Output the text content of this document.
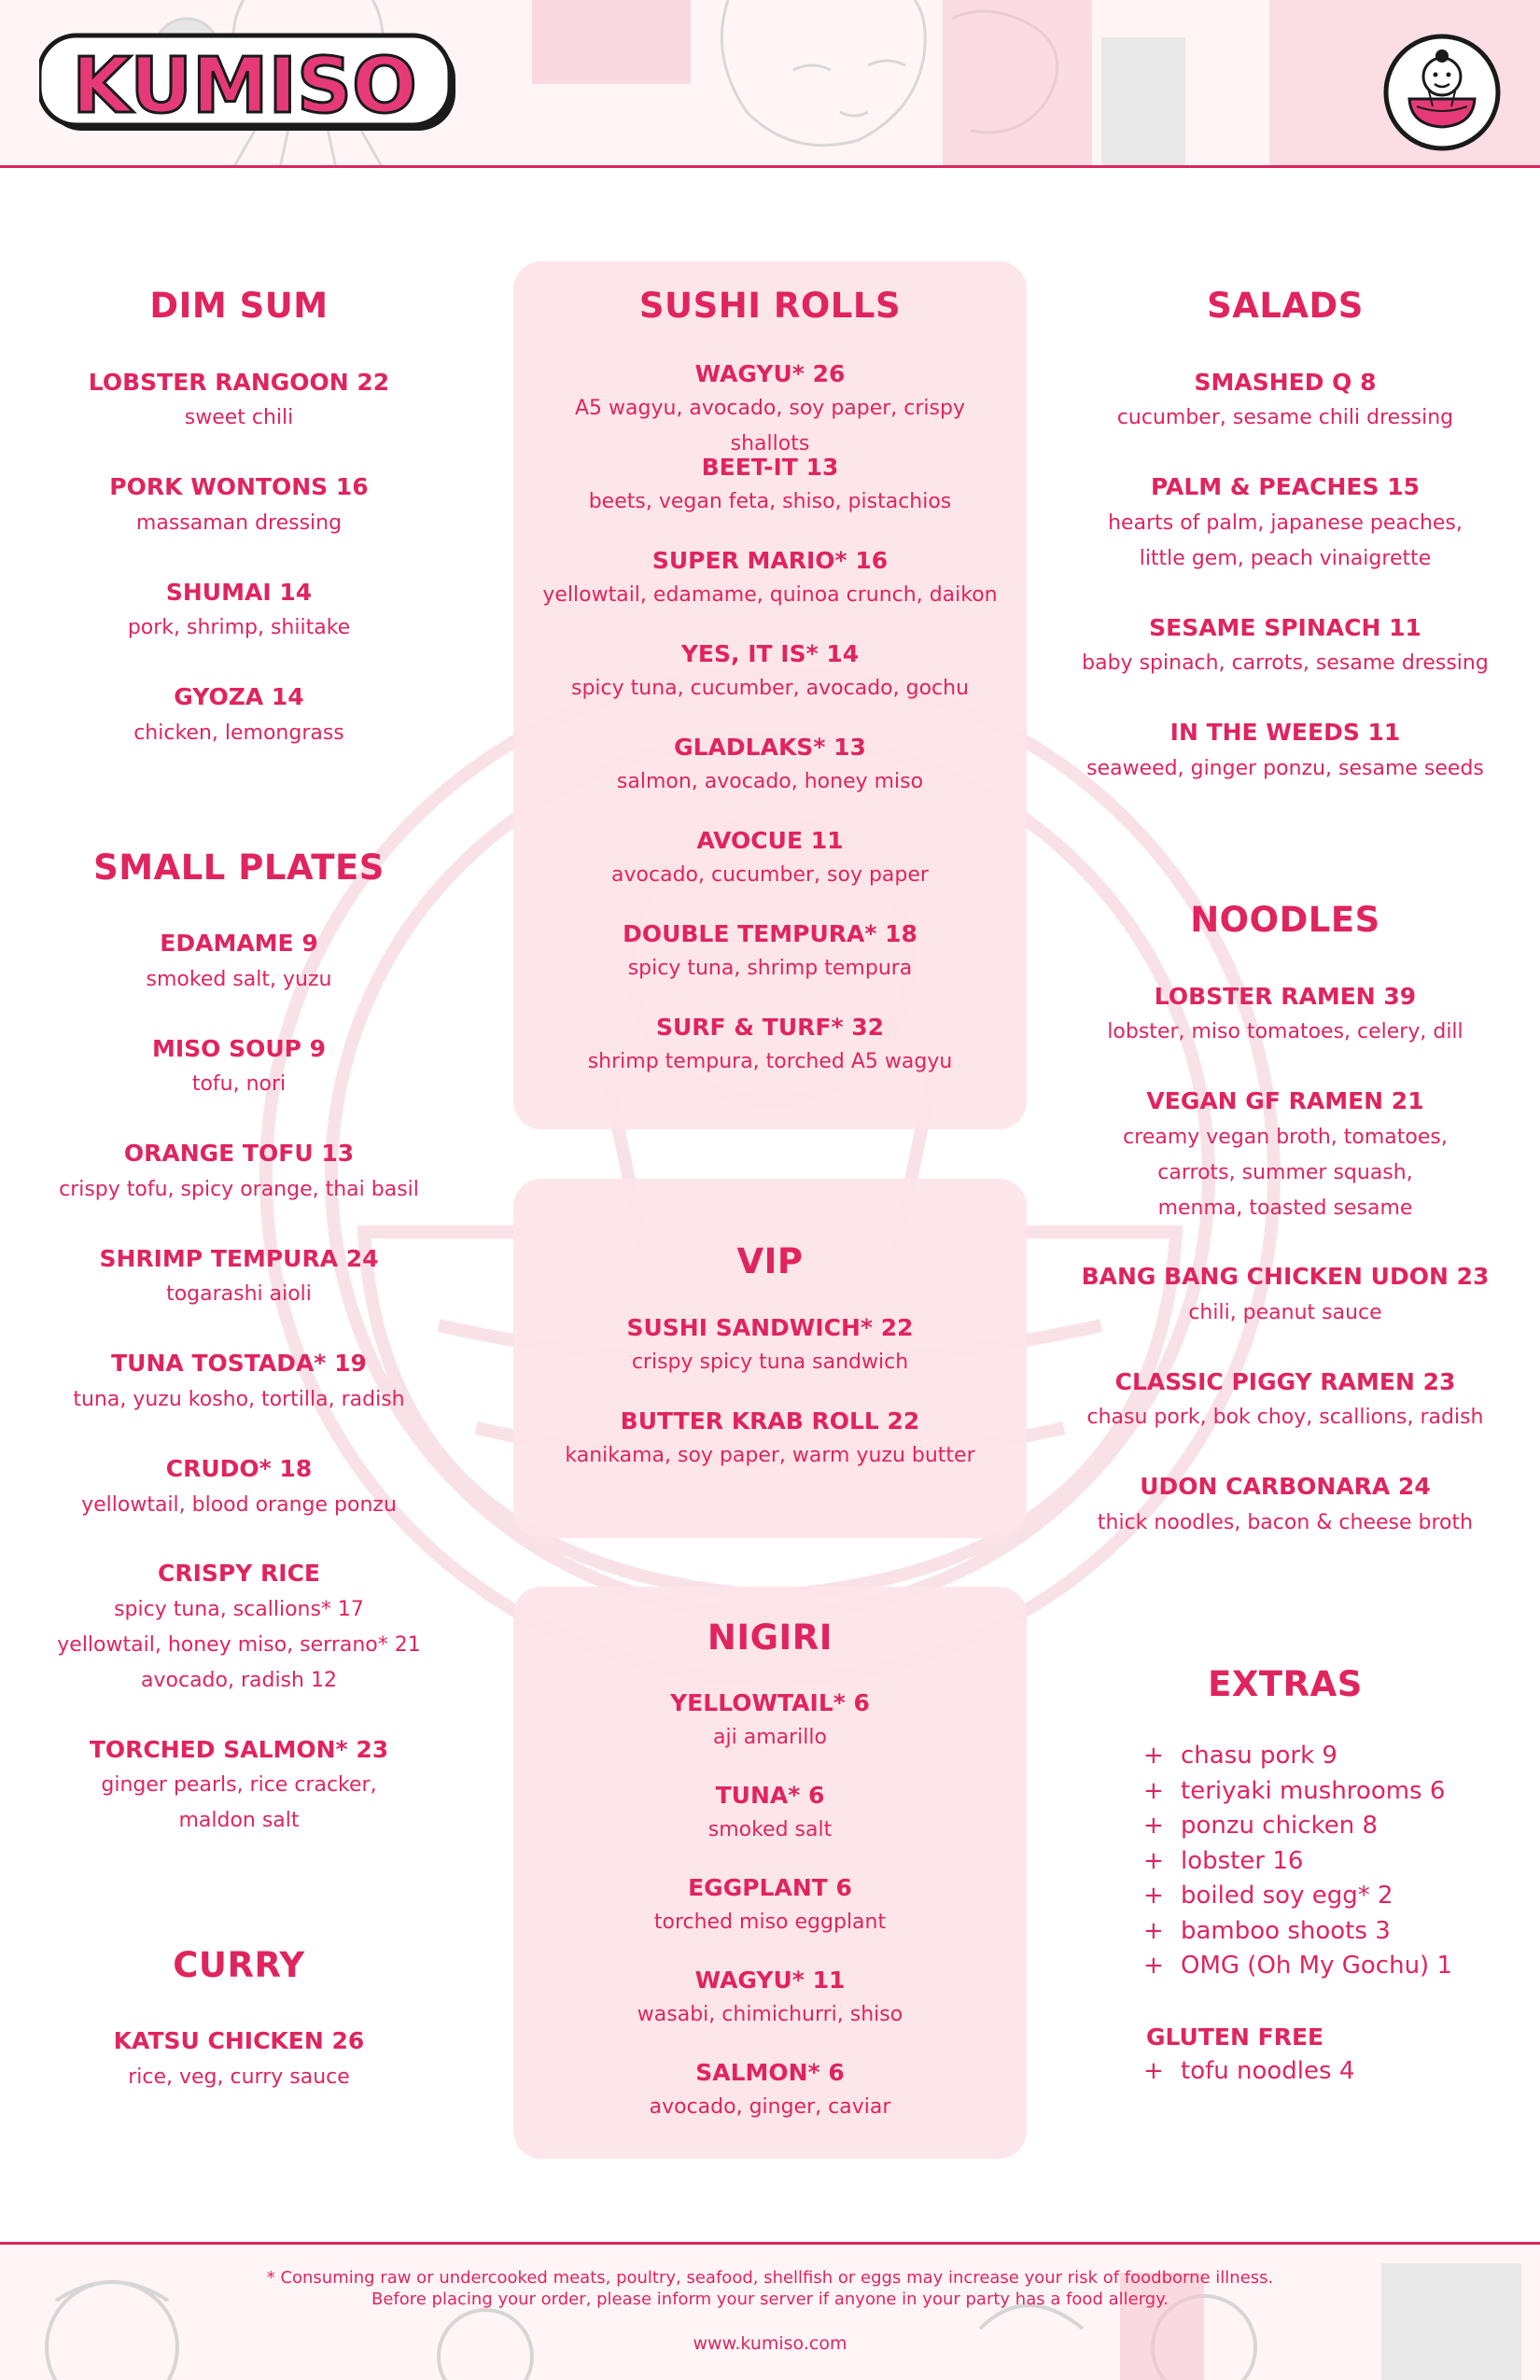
KUMISO
DIM SUM
LOBSTER RANGOON 22
sweet chili
PORK WONTONS 16
massaman dressing
SHUMAI 14
pork, shrimp, shiitake
GYOZA 14
chicken, lemongrass
SMALL PLATES
EDAMAME 9
smoked salt, yuzu
MISO SOUP 9
tofu, nori
ORANGE TOFU 13
crispy tofu, spicy orange, thai basil
SHRIMP TEMPURA 24
togarashi aioli
TUNA TOSTADA* 19
tuna, yuzu kosho, tortilla, radish
CRUDO* 18
yellowtail, blood orange ponzu
CRISPY RICE
spicy tuna, scallions* 17
yellowtail, honey miso, serrano* 21
avocado, radish 12
TORCHED SALMON* 23
ginger pearls, rice cracker,
maldon salt
CURRY
KATSU CHICKEN 26
rice, veg, curry sauce
SUSHI ROLLS
WAGYU* 26
A5 wagyu, avocado, soy paper, crispy shallots
BEET-IT 13
beets, vegan feta, shiso, pistachios
SUPER MARIO* 16
yellowtail, edamame, quinoa crunch, daikon
YES, IT IS* 14
spicy tuna, cucumber, avocado, gochu
GLADLAKS* 13
salmon, avocado, honey miso
AVOCUE 11
avocado, cucumber, soy paper
DOUBLE TEMPURA* 18
spicy tuna, shrimp tempura
SURF & TURF* 32
shrimp tempura, torched A5 wagyu
VIP
SUSHI SANDWICH* 22
crispy spicy tuna sandwich
BUTTER KRAB ROLL 22
kanikama, soy paper, warm yuzu butter
NIGIRI
YELLOWTAIL* 6
aji amarillo
TUNA* 6
smoked salt
EGGPLANT 6
torched miso eggplant
WAGYU* 11
wasabi, chimichurri, shiso
SALMON* 6
avocado, ginger, caviar
SALADS
SMASHED Q 8
cucumber, sesame chili dressing
PALM & PEACHES 15
hearts of palm, japanese peaches,
little gem, peach vinaigrette
SESAME SPINACH 11
baby spinach, carrots, sesame dressing
IN THE WEEDS 11
seaweed, ginger ponzu, sesame seeds
NOODLES
LOBSTER RAMEN 39
lobster, miso tomatoes, celery, dill
VEGAN GF RAMEN 21
creamy vegan broth, tomatoes,
carrots, summer squash,
menma, toasted sesame
BANG BANG CHICKEN UDON 23
chili, peanut sauce
CLASSIC PIGGY RAMEN 23
chasu pork, bok choy, scallions, radish
UDON CARBONARA 24
thick noodles, bacon & cheese broth
EXTRAS
+ chasu pork 9
+ teriyaki mushrooms 6
+ ponzu chicken 8
+ lobster 16
+ boiled soy egg* 2
+ bamboo shoots 3
+ OMG (Oh My Gochu) 1
GLUTEN FREE
+ tofu noodles 4
* Consuming raw or undercooked meats, poultry, seafood, shellfish or eggs may increase your risk of foodborne illness.
Before placing your order, please inform your server if anyone in your party has a food allergy.
www.kumiso.com
